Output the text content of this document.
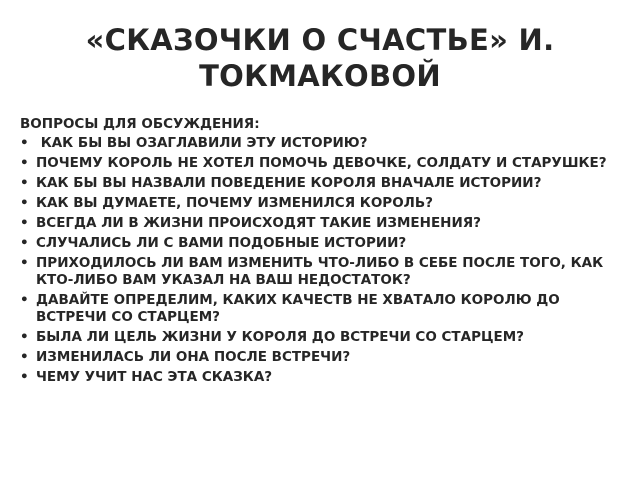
«СКАЗОЧКИ О СЧАСТЬЕ» И. ТОКМАКОВОЙ
ВОПРОСЫ ДЛЯ ОБСУЖДЕНИЯ:
• КАК БЫ ВЫ ОЗАГЛАВИЛИ ЭТУ ИСТОРИЮ?
• ПОЧЕМУ КОРОЛЬ НЕ ХОТЕЛ ПОМОЧЬ ДЕВОЧКЕ, СОЛДАТУ И СТАРУШКЕ?
• КАК БЫ ВЫ НАЗВАЛИ ПОВЕДЕНИЕ КОРОЛЯ ВНАЧАЛЕ ИСТОРИИ?
• КАК ВЫ ДУМАЕТЕ, ПОЧЕМУ ИЗМЕНИЛСЯ КОРОЛЬ?
• ВСЕГДА ЛИ В ЖИЗНИ ПРОИСХОДЯТ ТАКИЕ ИЗМЕНЕНИЯ?
• СЛУЧАЛИСЬ ЛИ С ВАМИ ПОДОБНЫЕ ИСТОРИИ?
• ПРИХОДИЛОСЬ ЛИ ВАМ ИЗМЕНИТЬ ЧТО-ЛИБО В СЕБЕ ПОСЛЕ ТОГО, КАК КТО-ЛИБО ВАМ УКАЗАЛ НА ВАШ НЕДОСТАТОК?
• ДАВАЙТЕ ОПРЕДЕЛИМ, КАКИХ КАЧЕСТВ НЕ ХВАТАЛО КОРОЛЮ ДО ВСТРЕЧИ СО СТАРЦЕМ?
• БЫЛА ЛИ ЦЕЛЬ ЖИЗНИ У КОРОЛЯ ДО ВСТРЕЧИ СО СТАРЦЕМ?
• ИЗМЕНИЛАСЬ ЛИ ОНА ПОСЛЕ ВСТРЕЧИ?
• ЧЕМУ УЧИТ НАС ЭТА СКАЗКА?
